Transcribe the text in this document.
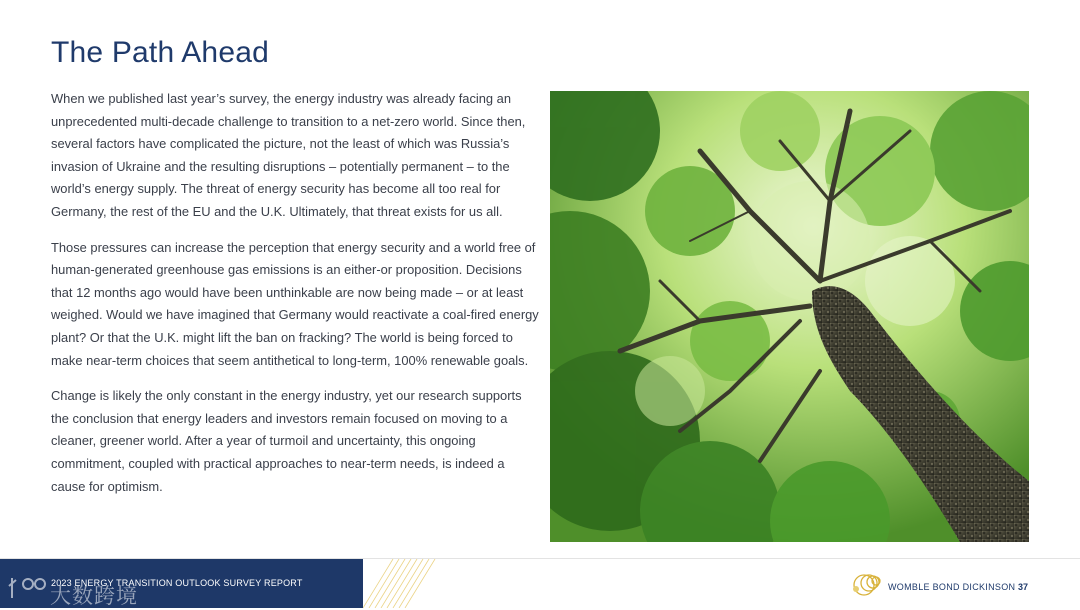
The Path Ahead

When we published last year’s survey, the energy industry was already facing an unprecedented multi-decade challenge to transition to a net-zero world. Since then, several factors have complicated the picture, not the least of which was Russia’s invasion of Ukraine and the resulting disruptions – potentially permanent – to the world’s energy supply. The threat of energy security has become all too real for Germany, the rest of the EU and the U.K. Ultimately, that threat exists for us all.

Those pressures can increase the perception that energy security and a world free of human-generated greenhouse gas emissions is an either-or proposition. Decisions that 12 months ago would have been unthinkable are now being made – or at least weighed. Would we have imagined that Germany would reactivate a coal-fired energy plant? Or that the U.K. might lift the ban on fracking? The world is being forced to make near-term choices that seem antithetical to long-term, 100% renewable goals.

Change is likely the only constant in the energy industry, yet our research supports the conclusion that energy leaders and investors remain focused on moving to a cleaner, greener world. After a year of turmoil and uncertainty, this ongoing commitment, coupled with practical approaches to near-term needs, is indeed a cause for optimism.

2023 ENERGY TRANSITION OUTLOOK SURVEY REPORT
大数跨境	WOMBLE BOND DICKINSON 37
